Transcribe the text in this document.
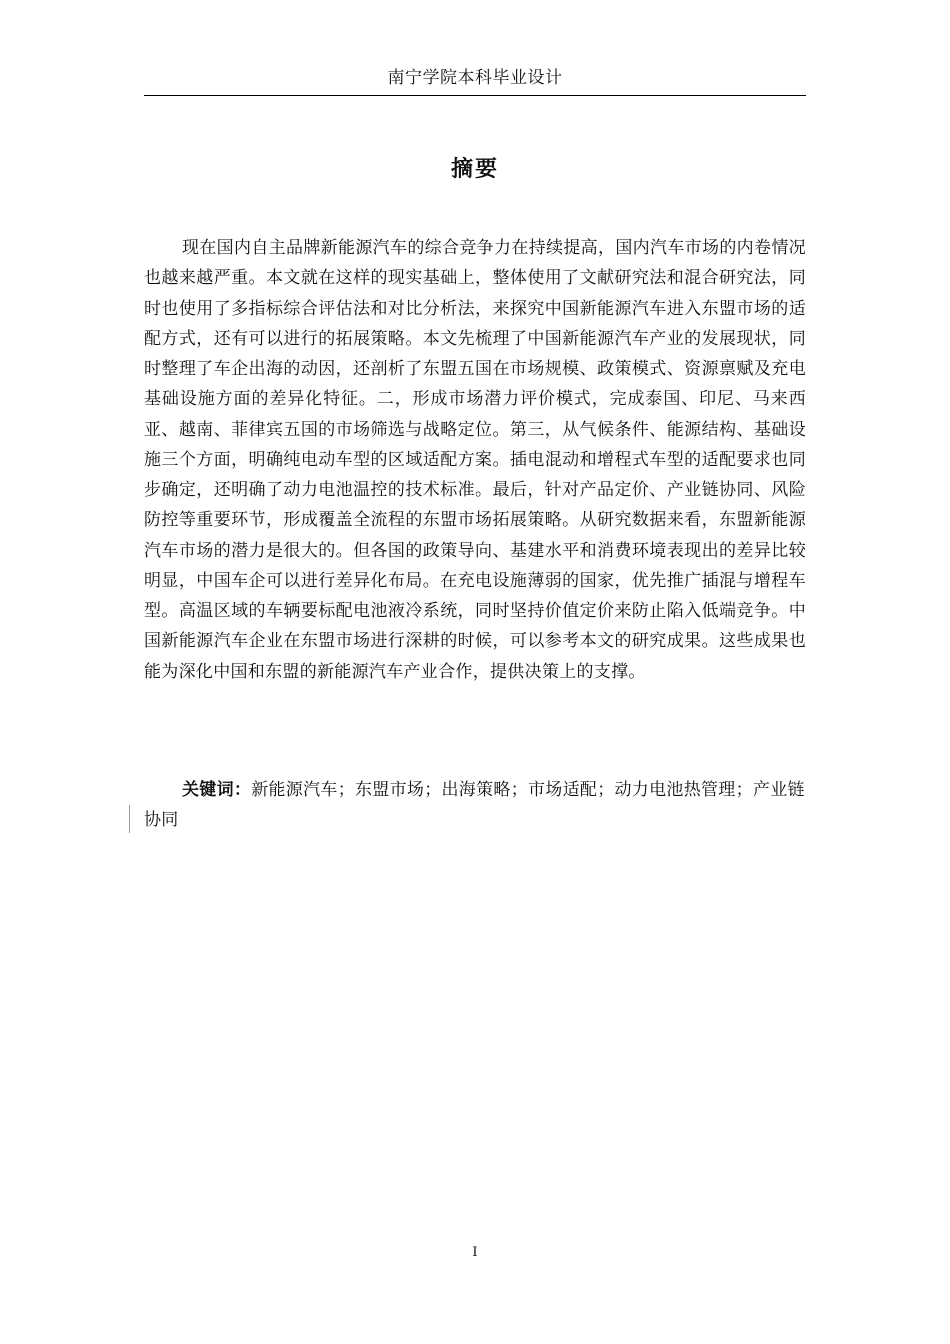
南宁学院本科毕业设计
摘要

现在国内自主品牌新能源汽车的综合竞争力在持续提高，国内汽车市场的内卷情况也越来越严重。本文就在这样的现实基础上，整体使用了文献研究法和混合研究法，同时也使用了多指标综合评估法和对比分析法，来探究中国新能源汽车进入东盟市场的适配方式，还有可以进行的拓展策略。本文先梳理了中国新能源汽车产业的发展现状，同时整理了车企出海的动因，还剖析了东盟五国在市场规模、政策模式、资源禀赋及充电基础设施方面的差异化特征。二，形成市场潜力评价模式，完成泰国、印尼、马来西亚、越南、菲律宾五国的市场筛选与战略定位。第三，从气候条件、能源结构、基础设施三个方面，明确纯电动车型的区域适配方案。插电混动和增程式车型的适配要求也同步确定，还明确了动力电池温控的技术标准。最后，针对产品定价、产业链协同、风险防控等重要环节，形成覆盖全流程的东盟市场拓展策略。从研究数据来看，东盟新能源汽车市场的潜力是很大的。但各国的政策导向、基建水平和消费环境表现出的差异比较明显，中国车企可以进行差异化布局。在充电设施薄弱的国家，优先推广插混与增程车型。高温区域的车辆要标配电池液冷系统，同时坚持价值定价来防止陷入低端竞争。中国新能源汽车企业在东盟市场进行深耕的时候，可以参考本文的研究成果。这些成果也能为深化中国和东盟的新能源汽车产业合作，提供决策上的支撑。

关键词：新能源汽车；东盟市场；出海策略；市场适配；动力电池热管理；产业链协同

I
